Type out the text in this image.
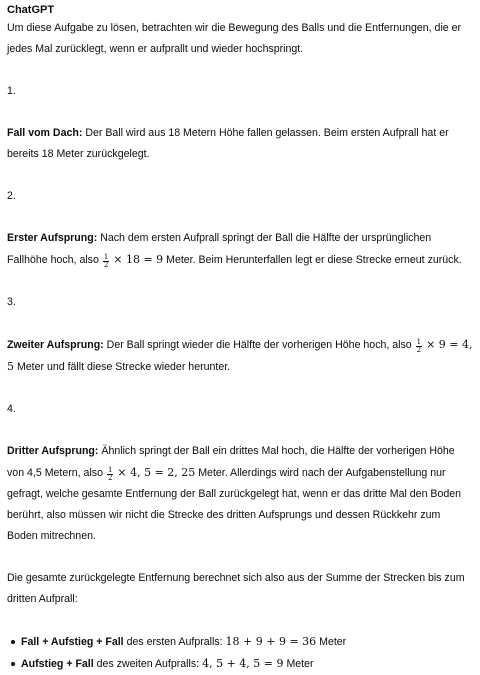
ChatGPT

Um diese Aufgabe zu lösen, betrachten wir die Bewegung des Balls und die Entfernungen, die er jedes Mal zurücklegt, wenn er aufprallt und wieder hochspringt.

1.

Fall vom Dach: Der Ball wird aus 18 Metern Höhe fallen gelassen. Beim ersten Aufprall hat er bereits 18 Meter zurückgelegt.

2.

Erster Aufsprung: Nach dem ersten Aufprall springt der Ball die Hälfte der ursprünglichen Fallhöhe hoch, also $\frac{1}{2} \times 18 = 9$ Meter. Beim Herunterfallen legt er diese Strecke erneut zurück.

3.

Zweiter Aufsprung: Der Ball springt wieder die Hälfte der vorherigen Höhe hoch, also $\frac{1}{2} \times 9 = 4$, 5 Meter und fällt diese Strecke wieder herunter.

4.

Dritter Aufsprung: Ähnlich springt der Ball ein drittes Mal hoch, die Hälfte der vorherigen Höhe von 4,5 Metern, also $\frac{1}{2} \times 4$, 5 = 2, 25 Meter. Allerdings wird nach der Aufgabenstellung nur gefragt, welche gesamte Entfernung der Ball zurückgelegt hat, wenn er das dritte Mal den Boden berührt, also müssen wir nicht die Strecke des dritten Aufsprungs und dessen Rückkehr zum Boden mitrechnen.

Die gesamte zurückgelegte Entfernung berechnet sich also aus der Summe der Strecken bis zum dritten Aufprall:

Fall + Aufstieg + Fall des ersten Aufpralls: 18 + 9 + 9 = 36 Meter
Aufstieg + Fall des zweiten Aufpralls: 4, 5 + 4, 5 = 9 Meter
